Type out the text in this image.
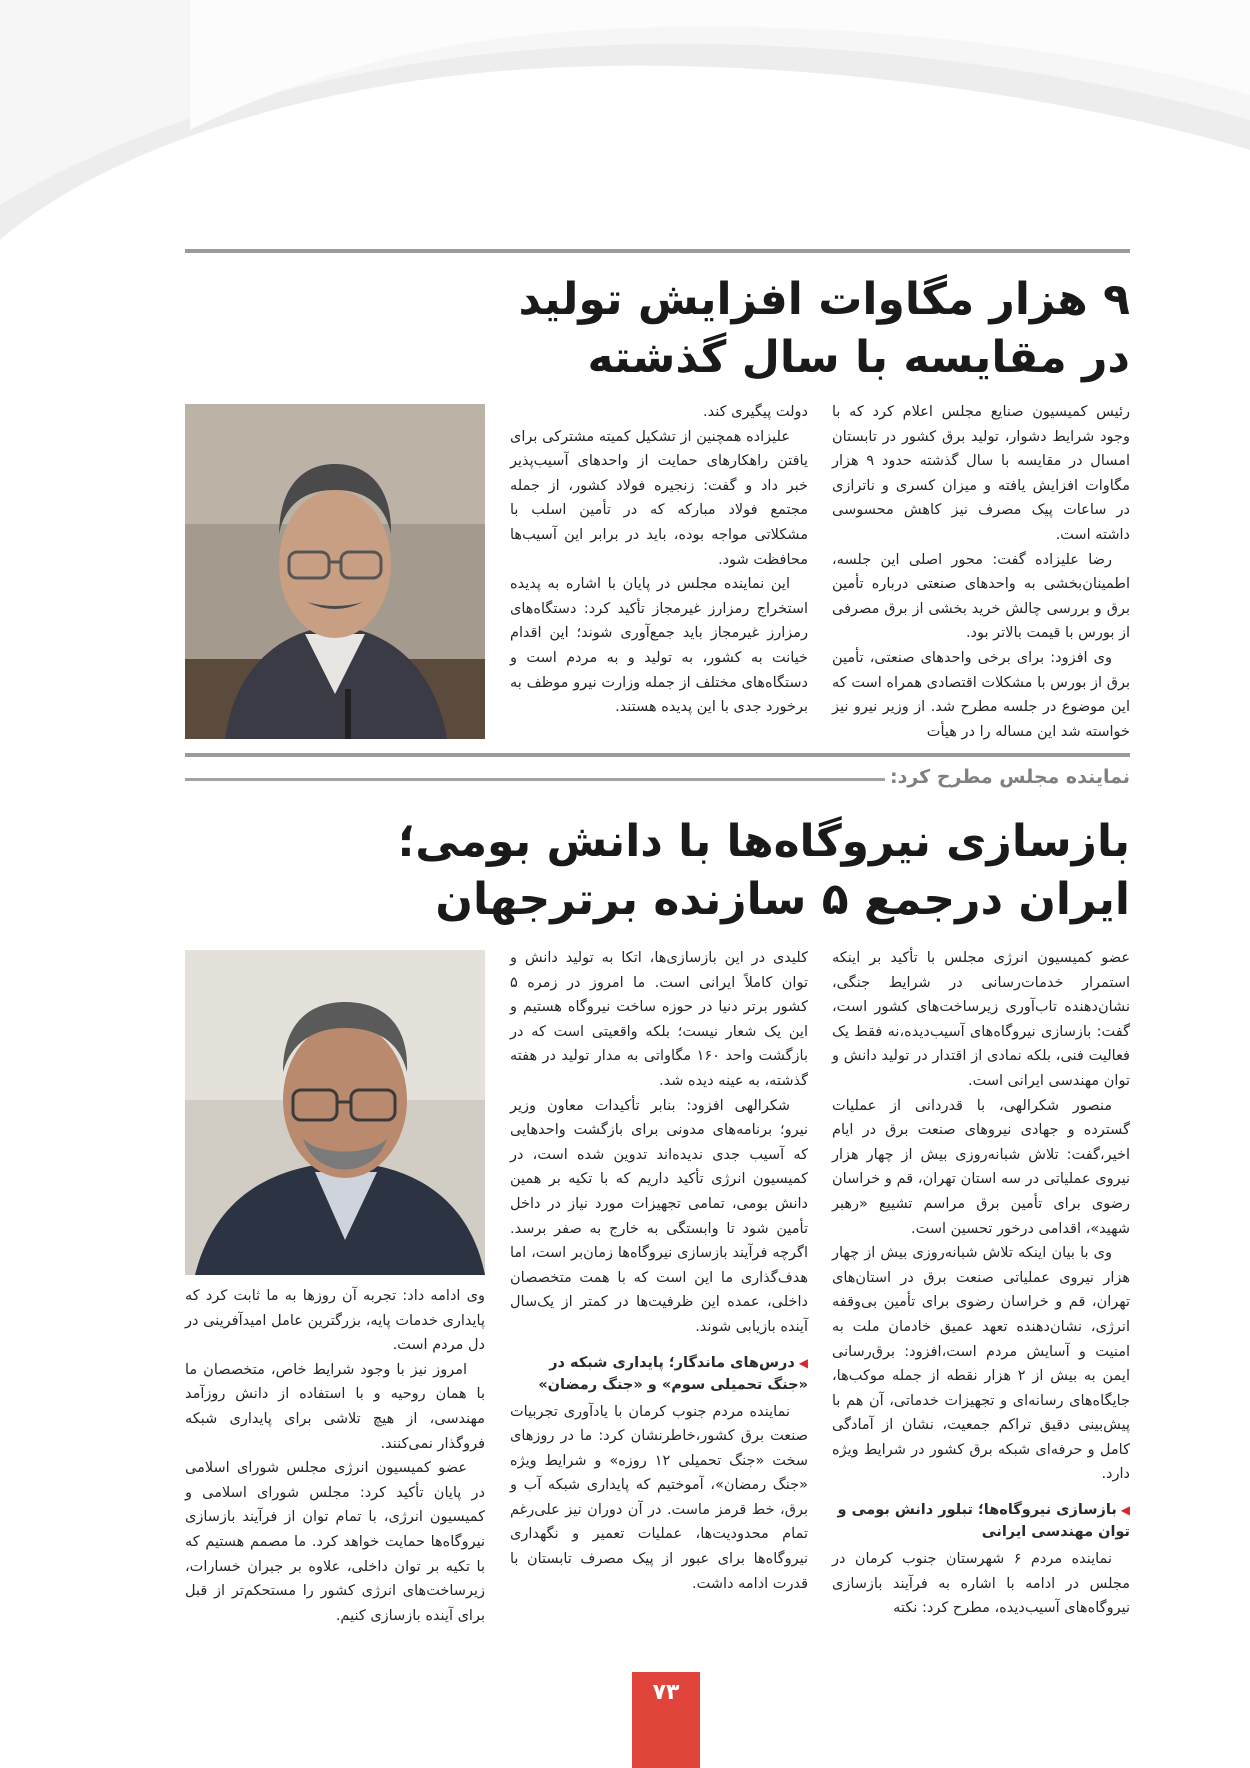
۹ هزار مگاوات افزایش تولید
در مقایسه با سال گذشته

رئیس کمیسیون صنایع مجلس اعلام کرد که با وجود شرایط دشوار، تولید برق کشور در تابستان امسال در مقایسه با سال گذشته حدود ۹ هزار مگاوات افزایش یافته و میزان کسری و ناترازی در ساعات پیک مصرف نیز کاهش محسوسی داشته است.

رضا علیزاده گفت: محور اصلی این جلسه، اطمینان‌بخشی به واحدهای صنعتی درباره تأمین برق و بررسی چالش خرید بخشی از برق مصرفی از بورس با قیمت بالاتر بود.

وی افزود: برای برخی واحدهای صنعتی، تأمین برق از بورس با مشکلات اقتصادی همراه است که این موضوع در جلسه مطرح شد. از وزیر نیرو نیز خواسته شد این مساله را در هیأت

دولت پیگیری کند.

علیزاده همچنین از تشکیل کمیته مشترکی برای یافتن راهکارهای حمایت از واحدهای آسیب‌پذیر خبر داد و گفت: زنجیره فولاد کشور، از جمله مجتمع فولاد مبارکه که در تأمین اسلب با مشکلاتی مواجه بوده، باید در برابر این آسیب‌ها محافظت شود.

این نماینده مجلس در پایان با اشاره به پدیده استخراج رمزارز غیرمجاز تأکید کرد: دستگاه‌های رمزارز غیرمجاز باید جمع‌آوری شوند؛ این اقدام خیانت به کشور، به تولید و به مردم است و دستگاه‌های مختلف از جمله وزارت نیرو موظف به برخورد جدی با این پدیده هستند.

نماینده مجلس مطرح کرد:

بازسازی نیروگاه‌ها با دانش بومی؛
ایران درجمع ۵ سازنده برترجهان

عضو کمیسیون انرژی مجلس با تأکید بر اینکه استمرار خدمات‌رسانی در شرایط جنگی، نشان‌دهنده تاب‌آوری زیرساخت‌های کشور است، گفت: بازسازی نیروگاه‌های آسیب‌دیده،نه فقط یک فعالیت فنی، بلکه نمادی از اقتدار در تولید دانش و توان مهندسی ایرانی است.

منصور شکرالهی، با قدردانی از عملیات گسترده و جهادی نیروهای صنعت برق در ایام اخیر،گفت: تلاش شبانه‌روزی بیش از چهار هزار نیروی عملیاتی در سه استان تهران، قم و خراسان رضوی برای تأمین برق مراسم تشییع «رهبر شهید»، اقدامی درخور تحسین است.

وی با بیان اینکه تلاش شبانه‌روزی بیش از چهار هزار نیروی عملیاتی صنعت برق در استان‌های تهران، قم و خراسان رضوی برای تأمین بی‌وقفه انرژی، نشان‌دهنده تعهد عمیق خادمان ملت به امنیت و آسایش مردم است،افزود: برق‌رسانی ایمن به بیش از ۲ هزار نقطه از جمله موکب‌ها، جایگاه‌های رسانه‌ای و تجهیزات خدماتی، آن هم با پیش‌بینی دقیق تراکم جمعیت، نشان از آمادگی کامل و حرفه‌ای شبکه برق کشور در شرایط ویژه دارد.

◀بازسازی نیروگاه‌ها؛ تبلور دانش بومی و توان مهندسی ایرانی

نماینده مردم ۶ شهرستان جنوب کرمان در مجلس در ادامه با اشاره به فرآیند بازسازی نیروگاه‌های آسیب‌دیده، مطرح کرد: نکته

کلیدی در این بازسازی‌ها، اتکا به تولید دانش و توان کاملاً ایرانی است. ما امروز در زمره ۵ کشور برتر دنیا در حوزه ساخت نیروگاه هستیم و این یک شعار نیست؛ بلکه واقعیتی است که در بازگشت واحد ۱۶۰ مگاواتی به مدار تولید در هفته گذشته، به عینه دیده شد.

شکرالهی افزود: بنابر تأکیدات معاون وزیر نیرو؛ برنامه‌های مدونی برای بازگشت واحدهایی که آسیب جدی ندیده‌اند تدوین شده است، در کمیسیون انرژی تأکید داریم که با تکیه بر همین دانش بومی، تمامی تجهیزات مورد نیاز در داخل تأمین شود تا وابستگی به خارج به صفر برسد. اگرچه فرآیند بازسازی نیروگاه‌ها زمان‌بر است، اما هدف‌گذاری ما این است که با همت متخصصان داخلی، عمده این ظرفیت‌ها در کمتر از یک‌سال آینده بازیابی شوند.

◀درس‌های ماندگار؛ پایداری شبکه در «جنگ تحمیلی سوم» و «جنگ رمضان»

نماینده مردم جنوب کرمان با یادآوری تجربیات صنعت برق کشور،خاطرنشان کرد: ما در روزهای سخت «جنگ تحمیلی ۱۲ روزه» و شرایط ویژه «جنگ رمضان»، آموختیم که پایداری شبکه آب و برق، خط قرمز ماست. در آن دوران نیز علی‌رغم تمام محدودیت‌ها، عملیات تعمیر و نگهداری نیروگاه‌ها برای عبور از پیک مصرف تابستان با قدرت ادامه داشت.

وی ادامه داد: تجربه آن روزها به ما ثابت کرد که پایداری خدمات پایه، بزرگترین عامل امیدآفرینی در دل مردم است.

امروز نیز با وجود شرایط خاص، متخصصان ما با همان روحیه و با استفاده از دانش روزآمد مهندسی، از هیچ تلاشی برای پایداری شبکه فروگذار نمی‌کنند.

عضو کمیسیون انرژی مجلس شورای اسلامی در پایان تأکید کرد: مجلس شورای اسلامی و کمیسیون انرژی، با تمام توان از فرآیند بازسازی نیروگاه‌ها حمایت خواهد کرد. ما مصمم هستیم که با تکیه بر توان داخلی، علاوه بر جبران خسارات، زیرساخت‌های انرژی کشور را مستحکم‌تر از قبل برای آینده بازسازی کنیم.

۷۳
